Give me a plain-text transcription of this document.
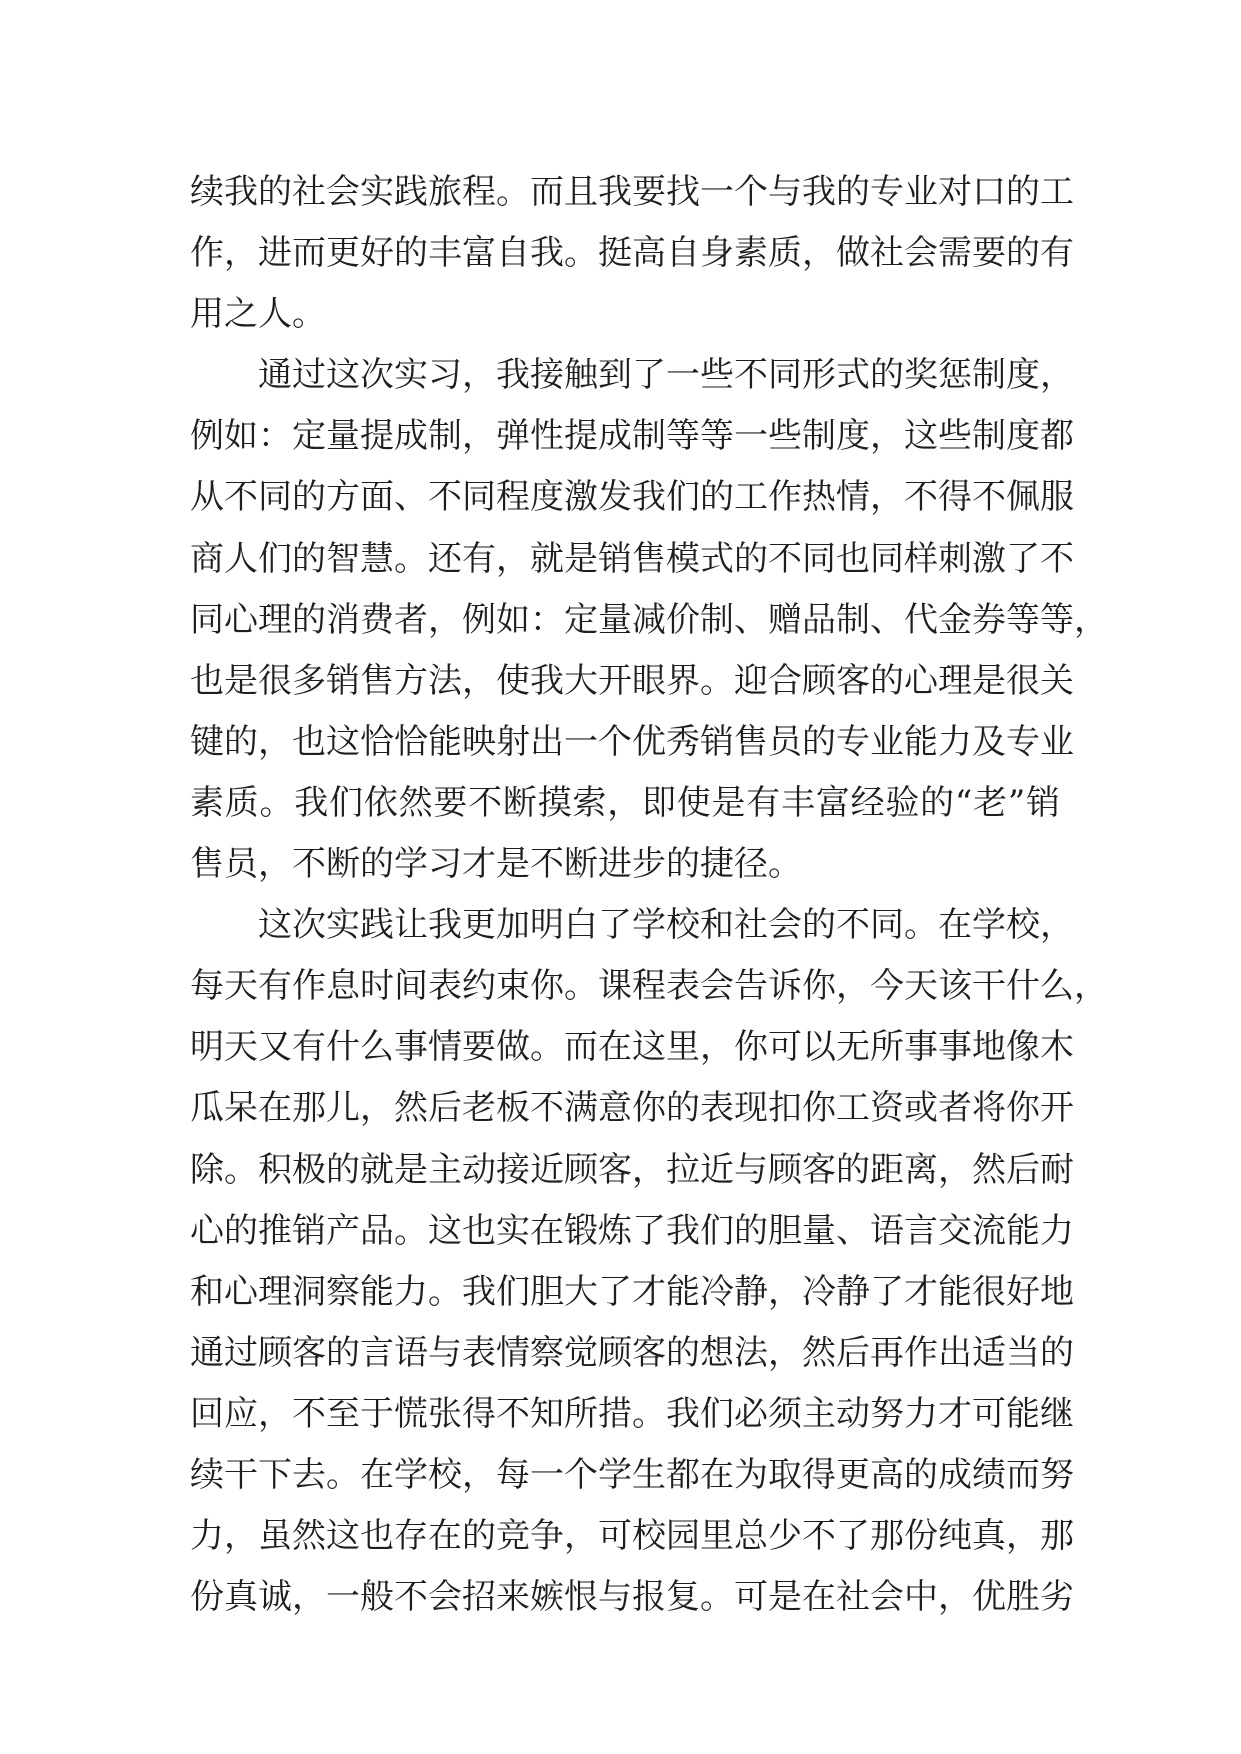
续我的社会实践旅程。而且我要找一个与我的专业对口的工
作，进而更好的丰富自我。挺高自身素质，做社会需要的有
用之人。
通过这次实习，我接触到了一些不同形式的奖惩制度，
例如：定量提成制，弹性提成制等等一些制度，这些制度都
从不同的方面、不同程度激发我们的工作热情，不得不佩服
商人们的智慧。还有，就是销售模式的不同也同样刺激了不
同心理的消费者，例如：定量减价制、赠品制、代金券等等，
也是很多销售方法，使我大开眼界。迎合顾客的心理是很关
键的，也这恰恰能映射出一个优秀销售员的专业能力及专业
素质。我们依然要不断摸索，即使是有丰富经验的“老”销
售员，不断的学习才是不断进步的捷径。
这次实践让我更加明白了学校和社会的不同。在学校，
每天有作息时间表约束你。课程表会告诉你，今天该干什么，
明天又有什么事情要做。而在这里，你可以无所事事地像木
瓜呆在那儿，然后老板不满意你的表现扣你工资或者将你开
除。积极的就是主动接近顾客，拉近与顾客的距离，然后耐
心的推销产品。这也实在锻炼了我们的胆量、语言交流能力
和心理洞察能力。我们胆大了才能冷静，冷静了才能很好地
通过顾客的言语与表情察觉顾客的想法，然后再作出适当的
回应，不至于慌张得不知所措。我们必须主动努力才可能继
续干下去。在学校，每一个学生都在为取得更高的成绩而努
力，虽然这也存在的竞争，可校园里总少不了那份纯真，那
份真诚，一般不会招来嫉恨与报复。可是在社会中，优胜劣
